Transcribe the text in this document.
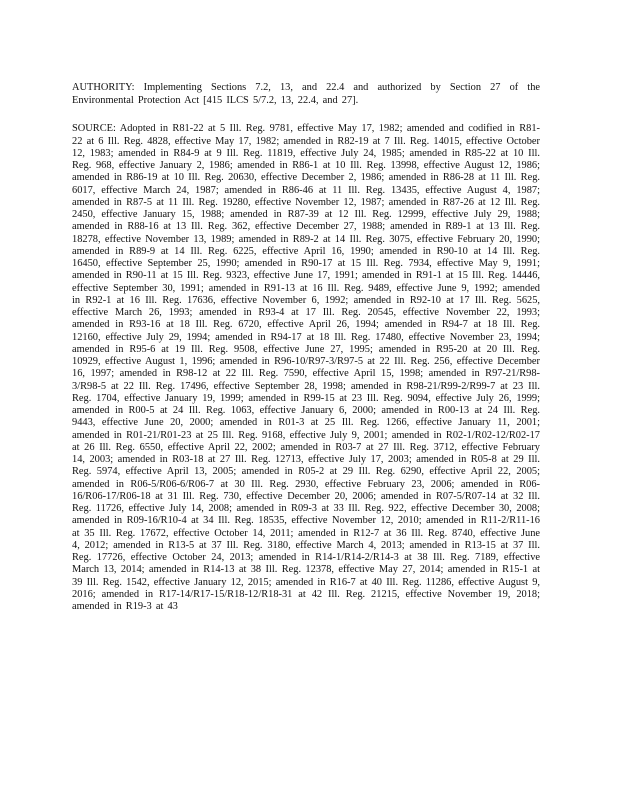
AUTHORITY: Implementing Sections 7.2, 13, and 22.4 and authorized by Section 27 of the Environmental Protection Act [415 ILCS 5/7.2, 13, 22.4, and 27].

SOURCE: Adopted in R81-22 at 5 Ill. Reg. 9781, effective May 17, 1982; amended and codified in R81-22 at 6 Ill. Reg. 4828, effective May 17, 1982; amended in R82-19 at 7 Ill. Reg. 14015, effective October 12, 1983; amended in R84-9 at 9 Ill. Reg. 11819, effective July 24, 1985; amended in R85-22 at 10 Ill. Reg. 968, effective January 2, 1986; amended in R86-1 at 10 Ill. Reg. 13998, effective August 12, 1986; amended in R86-19 at 10 Ill. Reg. 20630, effective December 2, 1986; amended in R86-28 at 11 Ill. Reg. 6017, effective March 24, 1987; amended in R86-46 at 11 Ill. Reg. 13435, effective August 4, 1987; amended in R87-5 at 11 Ill. Reg. 19280, effective November 12, 1987; amended in R87-26 at 12 Ill. Reg. 2450, effective January 15, 1988; amended in R87-39 at 12 Ill. Reg. 12999, effective July 29, 1988; amended in R88-16 at 13 Ill. Reg. 362, effective December 27, 1988; amended in R89-1 at 13 Ill. Reg. 18278, effective November 13, 1989; amended in R89-2 at 14 Ill. Reg. 3075, effective February 20, 1990; amended in R89-9 at 14 Ill. Reg. 6225, effective April 16, 1990; amended in R90-10 at 14 Ill. Reg. 16450, effective September 25, 1990; amended in R90-17 at 15 Ill. Reg. 7934, effective May 9, 1991; amended in R90-11 at 15 Ill. Reg. 9323, effective June 17, 1991; amended in R91-1 at 15 Ill. Reg. 14446, effective September 30, 1991; amended in R91-13 at 16 Ill. Reg. 9489, effective June 9, 1992; amended in R92-1 at 16 Ill. Reg. 17636, effective November 6, 1992; amended in R92-10 at 17 Ill. Reg. 5625, effective March 26, 1993; amended in R93-4 at 17 Ill. Reg. 20545, effective November 22, 1993; amended in R93-16 at 18 Ill. Reg. 6720, effective April 26, 1994; amended in R94-7 at 18 Ill. Reg. 12160, effective July 29, 1994; amended in R94-17 at 18 Ill. Reg. 17480, effective November 23, 1994; amended in R95-6 at 19 Ill. Reg. 9508, effective June 27, 1995; amended in R95-20 at 20 Ill. Reg. 10929, effective August 1, 1996; amended in R96-10/R97-3/R97-5 at 22 Ill. Reg. 256, effective December 16, 1997; amended in R98-12 at 22 Ill. Reg. 7590, effective April 15, 1998; amended in R97-21/R98-3/R98-5 at 22 Ill. Reg. 17496, effective September 28, 1998; amended in R98-21/R99-2/R99-7 at 23 Ill. Reg. 1704, effective January 19, 1999; amended in R99-15 at 23 Ill. Reg. 9094, effective July 26, 1999; amended in R00-5 at 24 Ill. Reg. 1063, effective January 6, 2000; amended in R00-13 at 24 Ill. Reg. 9443, effective June 20, 2000; amended in R01-3 at 25 Ill. Reg. 1266, effective January 11, 2001; amended in R01-21/R01-23 at 25 Ill. Reg. 9168, effective July 9, 2001; amended in R02-1/R02-12/R02-17 at 26 Ill. Reg. 6550, effective April 22, 2002; amended in R03-7 at 27 Ill. Reg. 3712, effective February 14, 2003; amended in R03-18 at 27 Ill. Reg. 12713, effective July 17, 2003; amended in R05-8 at 29 Ill. Reg. 5974, effective April 13, 2005; amended in R05-2 at 29 Ill. Reg. 6290, effective April 22, 2005; amended in R06-5/R06-6/R06-7 at 30 Ill. Reg. 2930, effective February 23, 2006; amended in R06-16/R06-17/R06-18 at 31 Ill. Reg. 730, effective December 20, 2006; amended in R07-5/R07-14 at 32 Ill. Reg. 11726, effective July 14, 2008; amended in R09-3 at 33 Ill. Reg. 922, effective December 30, 2008; amended in R09-16/R10-4 at 34 Ill. Reg. 18535, effective November 12, 2010; amended in R11-2/R11-16 at 35 Ill. Reg. 17672, effective October 14, 2011; amended in R12-7 at 36 Ill. Reg. 8740, effective June 4, 2012; amended in R13-5 at 37 Ill. Reg. 3180, effective March 4, 2013; amended in R13-15 at 37 Ill. Reg. 17726, effective October 24, 2013; amended in R14-1/R14-2/R14-3 at 38 Ill. Reg. 7189, effective March 13, 2014; amended in R14-13 at 38 Ill. Reg. 12378, effective May 27, 2014; amended in R15-1 at 39 Ill. Reg. 1542, effective January 12, 2015; amended in R16-7 at 40 Ill. Reg. 11286, effective August 9, 2016; amended in R17-14/R17-15/R18-12/R18-31 at 42 Ill. Reg. 21215, effective November 19, 2018; amended in R19-3 at 43
